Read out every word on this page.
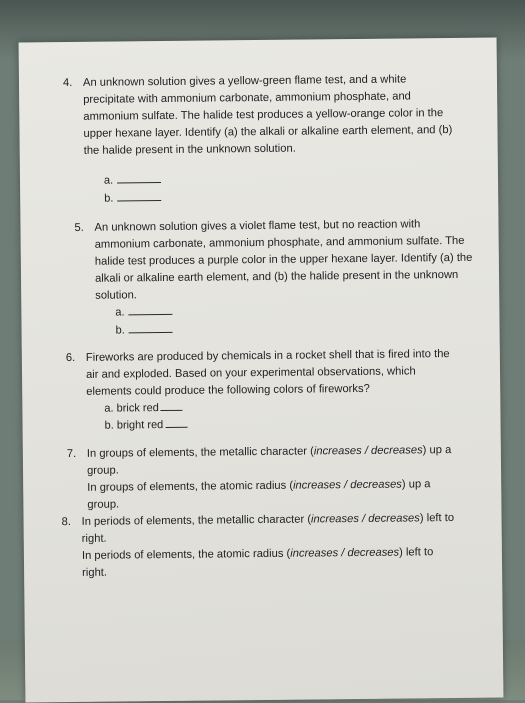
4. An unknown solution gives a yellow-green flame test, and a white
precipitate with ammonium carbonate, ammonium phosphate, and
ammonium sulfate. The halide test produces a yellow-orange color in the
upper hexane layer. Identify (a) the alkali or alkaline earth element, and (b)
the halide present in the unknown solution.
a.
b.
5. An unknown solution gives a violet flame test, but no reaction with
ammonium carbonate, ammonium phosphate, and ammonium sulfate. The
halide test produces a purple color in the upper hexane layer. Identify (a) the
alkali or alkaline earth element, and (b) the halide present in the unknown
solution.
a.
b.
6. Fireworks are produced by chemicals in a rocket shell that is fired into the
air and exploded. Based on your experimental observations, which
elements could produce the following colors of fireworks?
a. brick red
b. bright red
7. In groups of elements, the metallic character (increases / decreases) up a
group.
In groups of elements, the atomic radius (increases / decreases) up a
group.
8. In periods of elements, the metallic character (increases / decreases) left to
right.
In periods of elements, the atomic radius (increases / decreases) left to
right.
